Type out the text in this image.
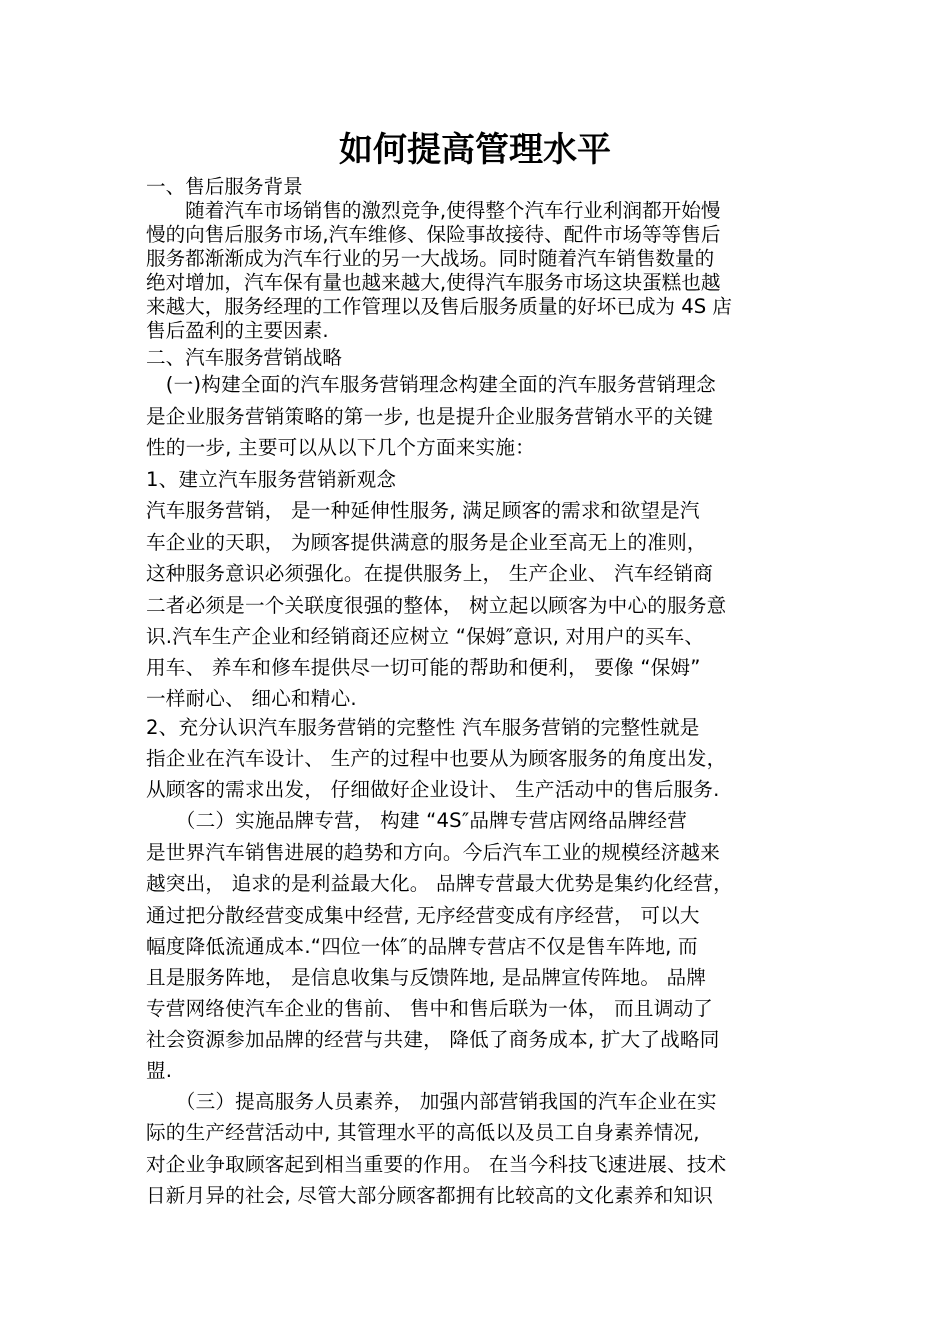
如何提高管理水平
一、售后服务背景
　　随着汽车市场销售的激烈竞争,使得整个汽车行业利润都开始慢
慢的向售后服务市场,汽车维修、保险事故接待、配件市场等等售后
服务都渐渐成为汽车行业的另一大战场。同时随着汽车销售数量的
绝对增加，汽车保有量也越来越大,使得汽车服务市场这块蛋糕也越
来越大，服务经理的工作管理以及售后服务质量的好坏已成为 4S 店
售后盈利的主要因素.
二、汽车服务营销战略
　(一)构建全面的汽车服务营销理念构建全面的汽车服务营销理念
是企业服务营销策略的第一步, 也是提升企业服务营销水平的关键
性的一步, 主要可以从以下几个方面来实施：
1、建立汽车服务营销新观念
汽车服务营销， 是一种延伸性服务, 满足顾客的需求和欲望是汽
车企业的天职， 为顾客提供满意的服务是企业至高无上的准则，
这种服务意识必须强化。在提供服务上， 生产企业、 汽车经销商
二者必须是一个关联度很强的整体， 树立起以顾客为中心的服务意
识.汽车生产企业和经销商还应树立 “保姆″意识, 对用户的买车、
用车、 养车和修车提供尽一切可能的帮助和便利， 要像 “保姆”
一样耐心、 细心和精心.
2、充分认识汽车服务营销的完整性 汽车服务营销的完整性就是
指企业在汽车设计、 生产的过程中也要从为顾客服务的角度出发，
从顾客的需求出发， 仔细做好企业设计、 生产活动中的售后服务.
　　（二）实施品牌专营， 构建 “4S″品牌专营店网络品牌经营
是世界汽车销售进展的趋势和方向。今后汽车工业的规模经济越来
越突出， 追求的是利益最大化。 品牌专营最大优势是集约化经营，
通过把分散经营变成集中经营, 无序经营变成有序经营， 可以大
幅度降低流通成本.“四位一体″的品牌专营店不仅是售车阵地, 而
且是服务阵地， 是信息收集与反馈阵地, 是品牌宣传阵地。 品牌
专营网络使汽车企业的售前、 售中和售后联为一体， 而且调动了
社会资源参加品牌的经营与共建， 降低了商务成本, 扩大了战略同
盟.
　　（三）提高服务人员素养， 加强内部营销我国的汽车企业在实
际的生产经营活动中, 其管理水平的高低以及员工自身素养情况,
对企业争取顾客起到相当重要的作用。 在当今科技飞速进展、技术
日新月异的社会, 尽管大部分顾客都拥有比较高的文化素养和知识
